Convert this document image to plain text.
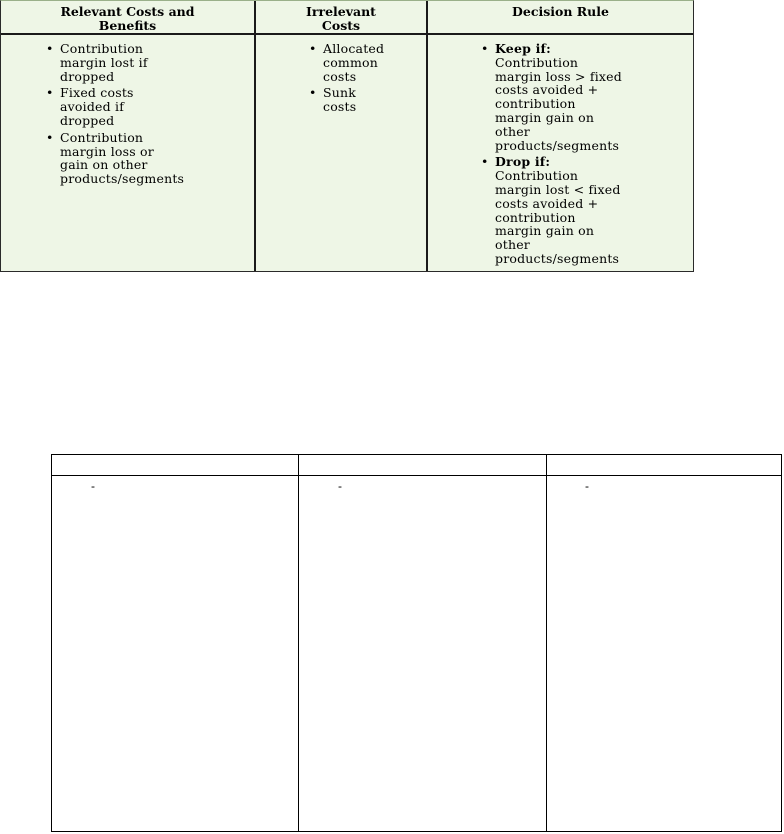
Relevant Costs and
Benefits
Irrelevant
Costs
Decision Rule
• Contribution
margin lost if
dropped
• Fixed costs
avoided if
dropped
• Contribution
margin loss or
gain on other
products/segments
• Allocated
common
costs
• Sunk
costs
• Keep if:
Contribution
margin loss > fixed
costs avoided +
contribution
margin gain on
other
products/segments
• Drop if:
Contribution
margin lost < fixed
costs avoided +
contribution
margin gain on
other
products/segments
-	-	-
